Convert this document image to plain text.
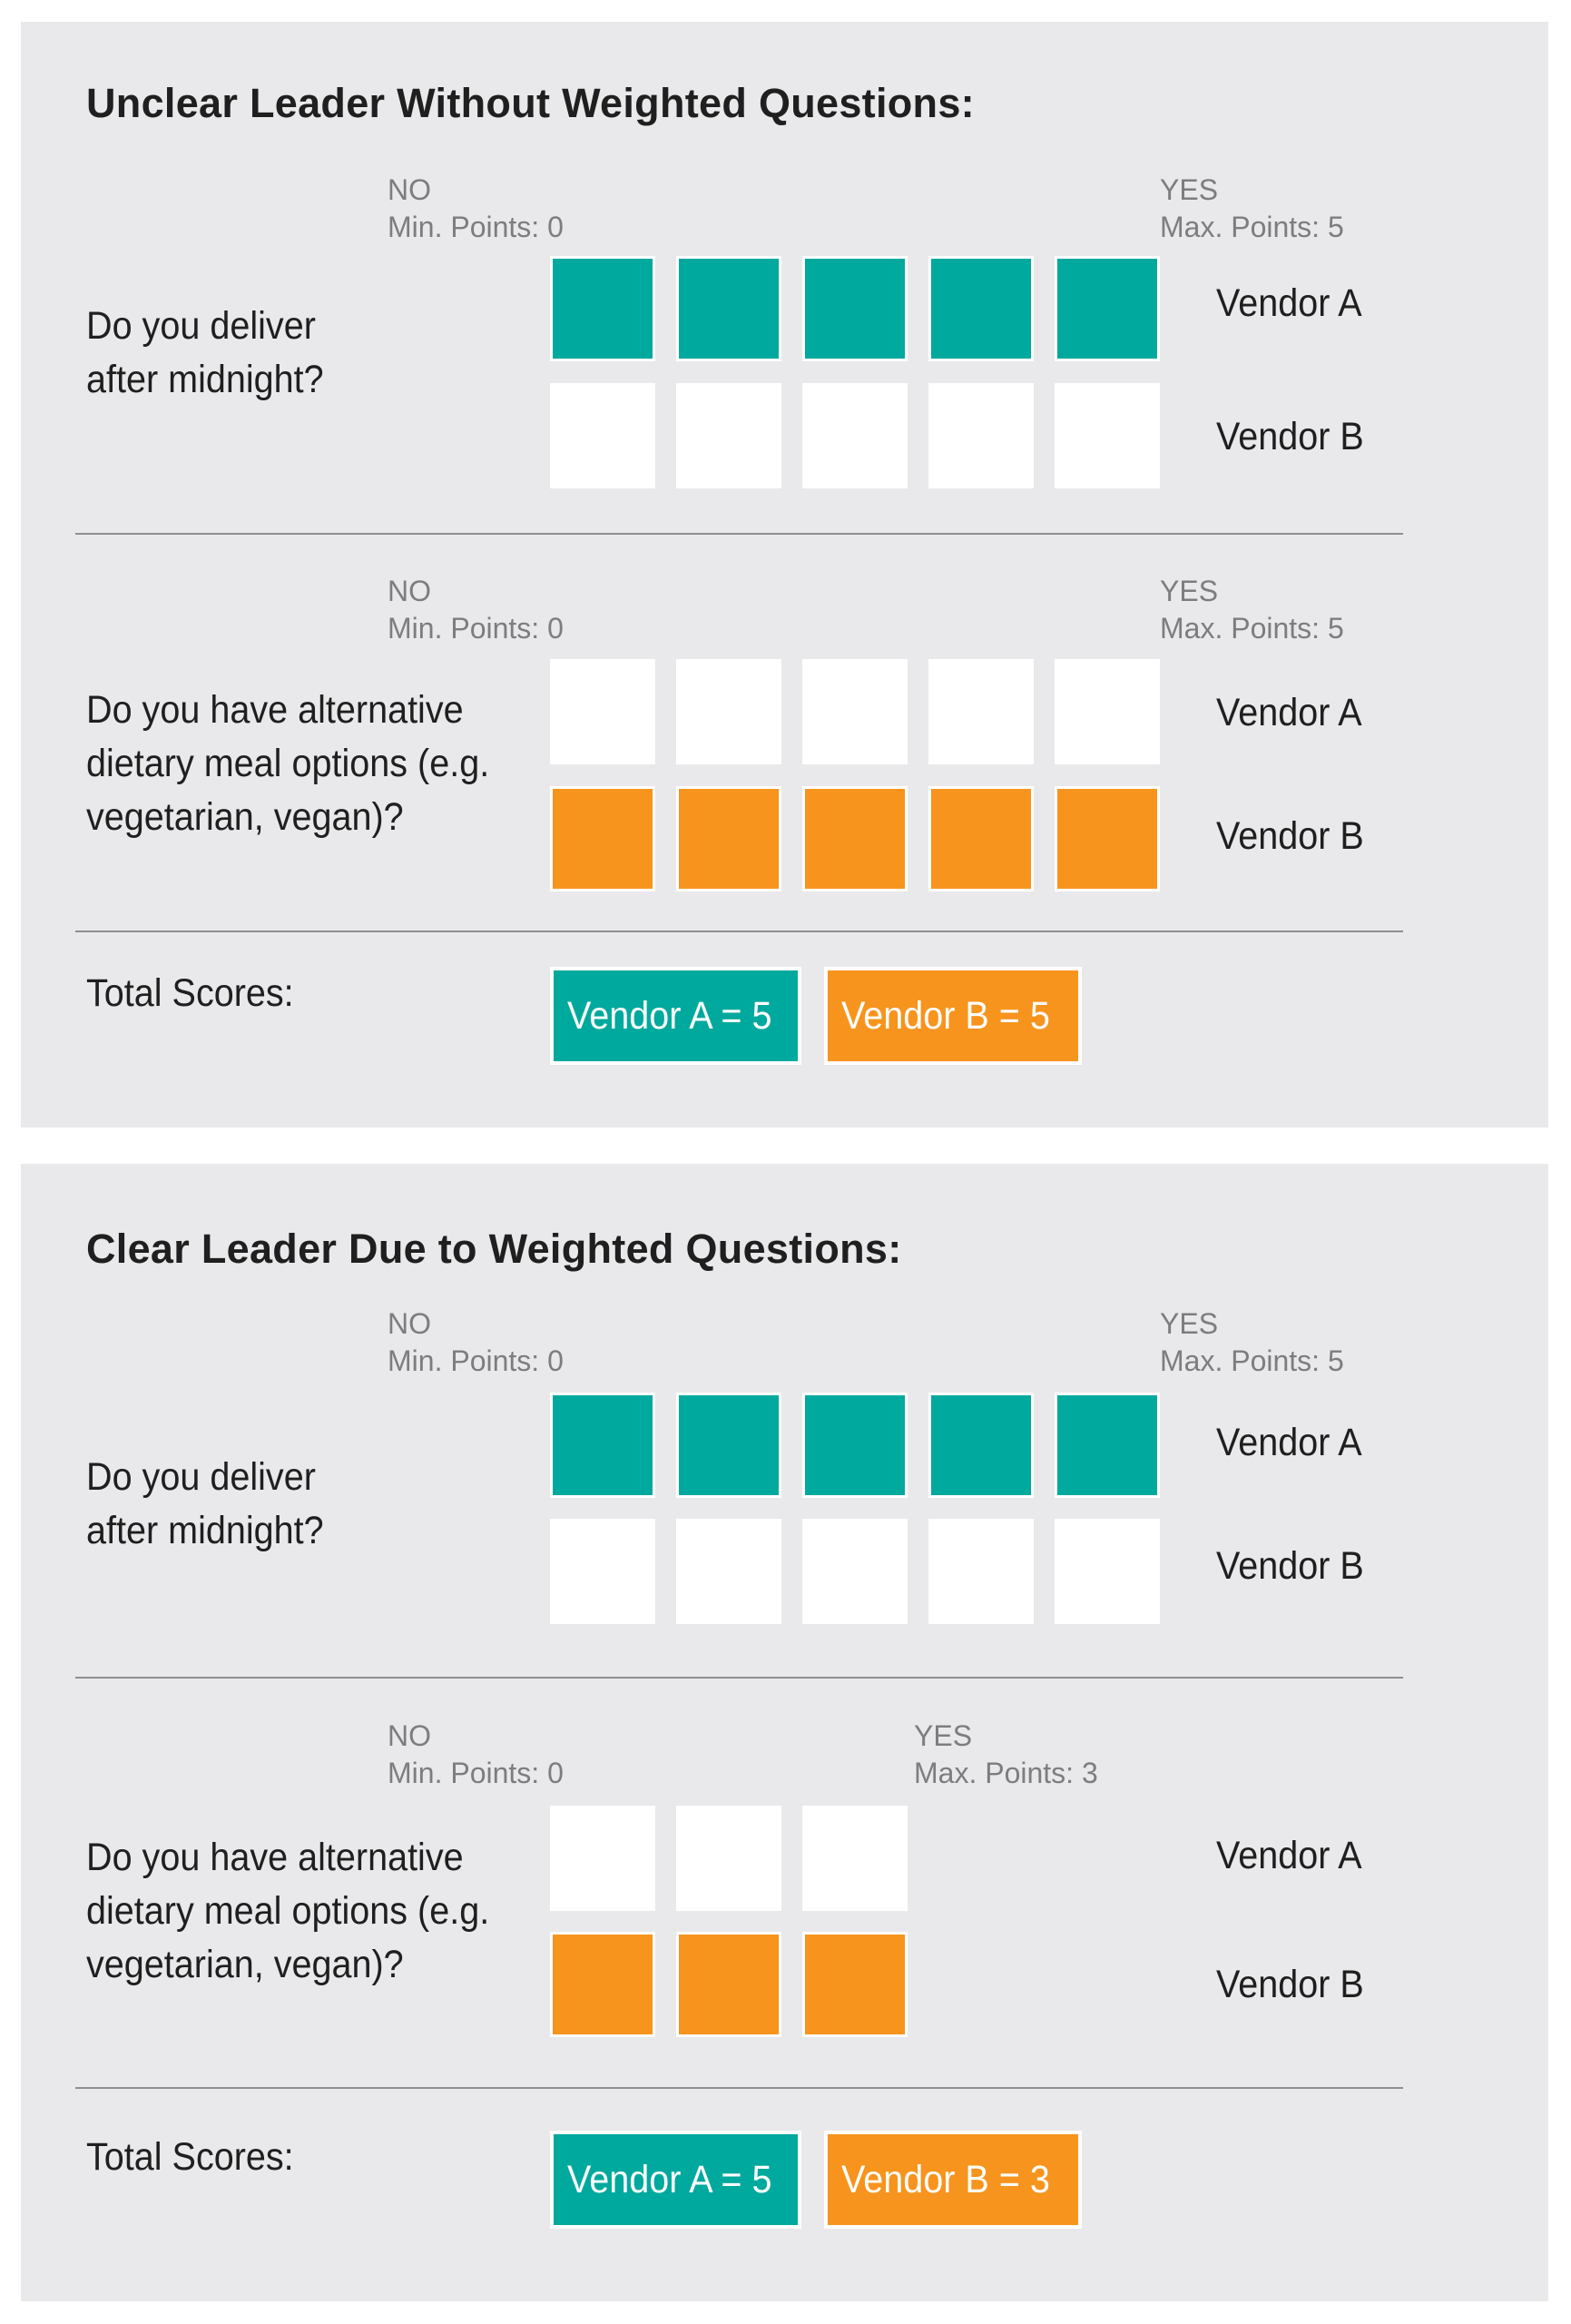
Unclear Leader Without Weighted Questions:
NO
Min. Points: 0
YES
Max. Points: 5
Do you deliver
after midnight?
Vendor A
Vendor B
NO
Min. Points: 0
YES
Max. Points: 5
Do you have alternative
dietary meal options (e.g.
vegetarian, vegan)?
Vendor A
Vendor B
Total Scores:
Vendor A = 5	Vendor B = 5
Clear Leader Due to Weighted Questions:
NO
Min. Points: 0
YES
Max. Points: 5
Do you deliver
after midnight?
Vendor A
Vendor B
NO
Min. Points: 0
YES
Max. Points: 3
Do you have alternative
dietary meal options (e.g.
vegetarian, vegan)?
Vendor A
Vendor B
Total Scores:
Vendor A = 5	Vendor B = 3
